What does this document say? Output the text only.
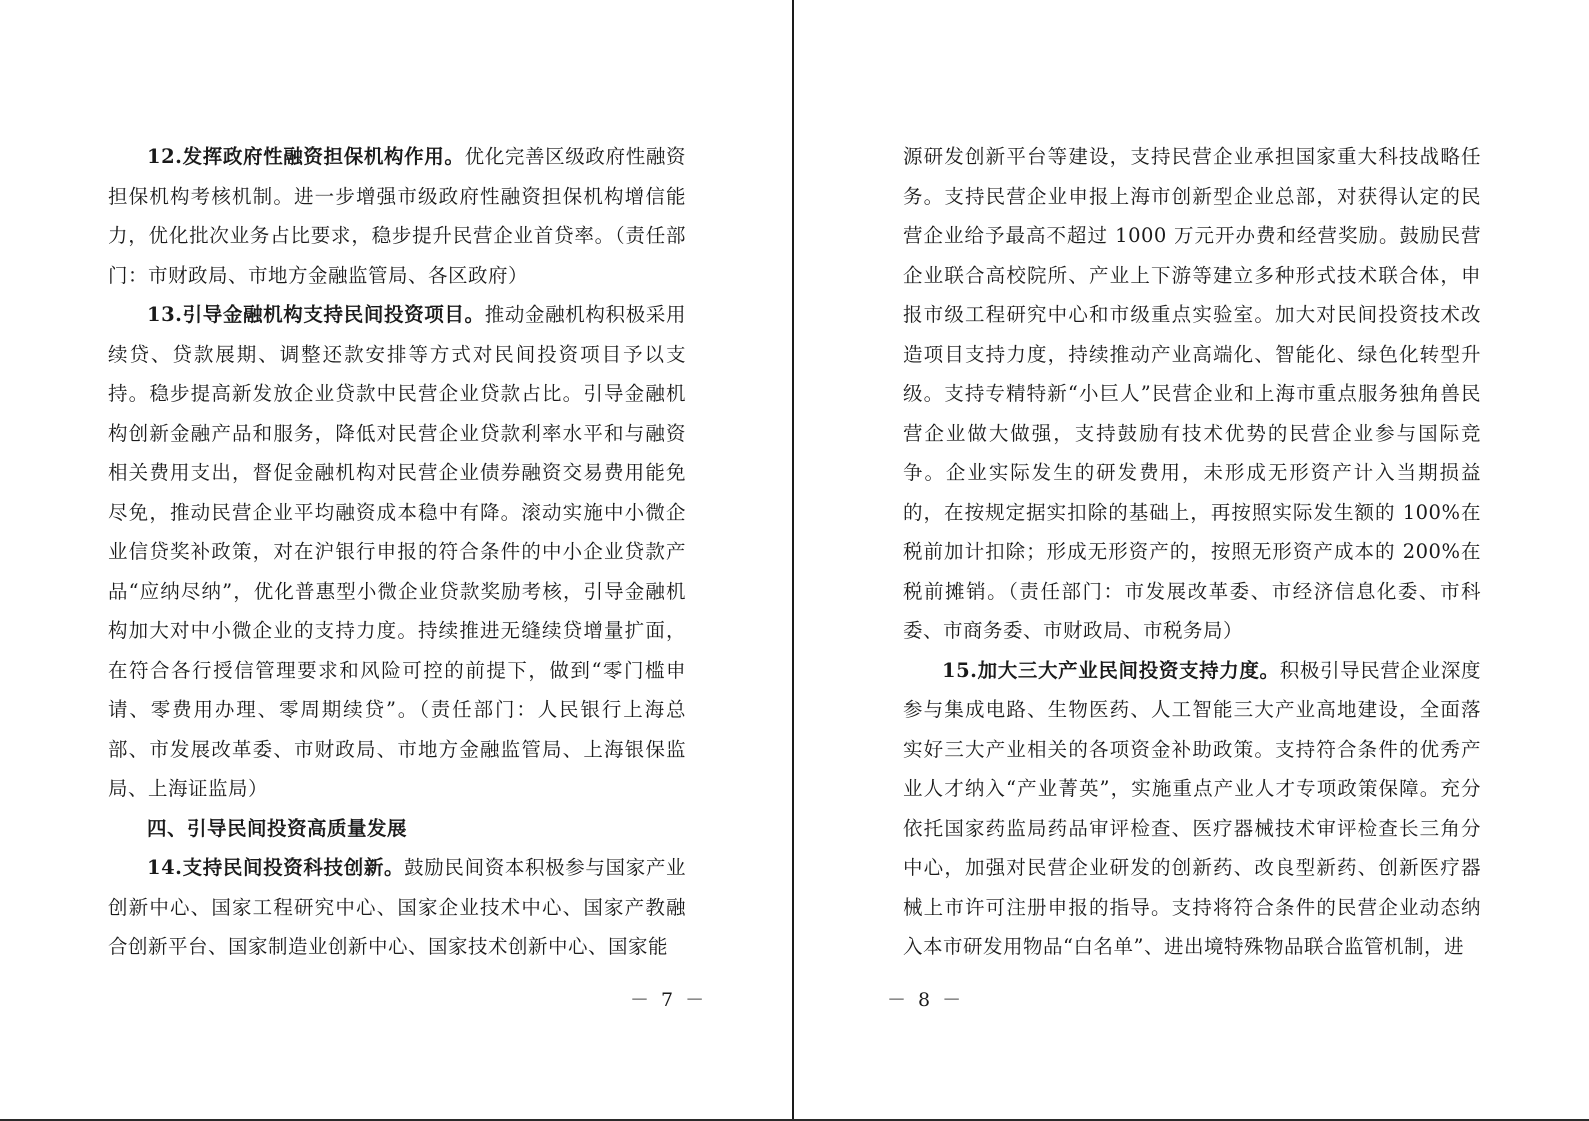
12.发挥政府性融资担保机构作用。优化完善区级政府性融资担保机构考核机制。进一步增强市级政府性融资担保机构增信能力，优化批次业务占比要求，稳步提升民营企业首贷率。（责任部门：市财政局、市地方金融监管局、各区政府）

13.引导金融机构支持民间投资项目。推动金融机构积极采用续贷、贷款展期、调整还款安排等方式对民间投资项目予以支持。稳步提高新发放企业贷款中民营企业贷款占比。引导金融机构创新金融产品和服务，降低对民营企业贷款利率水平和与融资相关费用支出，督促金融机构对民营企业债券融资交易费用能免尽免，推动民营企业平均融资成本稳中有降。滚动实施中小微企业信贷奖补政策，对在沪银行申报的符合条件的中小企业贷款产品“应纳尽纳”，优化普惠型小微企业贷款奖励考核，引导金融机构加大对中小微企业的支持力度。持续推进无缝续贷增量扩面，在符合各行授信管理要求和风险可控的前提下，做到“零门槛申请、零费用办理、零周期续贷”。（责任部门：人民银行上海总部、市发展改革委、市财政局、市地方金融监管局、上海银保监局、上海证监局）

四、引导民间投资高质量发展

14.支持民间投资科技创新。鼓励民间资本积极参与国家产业创新中心、国家工程研究中心、国家企业技术中心、国家产教融合创新平台、国家制造业创新中心、国家技术创新中心、国家能

－ 7 －

源研发创新平台等建设，支持民营企业承担国家重大科技战略任务。支持民营企业申报上海市创新型企业总部，对获得认定的民营企业给予最高不超过 1000 万元开办费和经营奖励。鼓励民营企业联合高校院所、产业上下游等建立多种形式技术联合体，申报市级工程研究中心和市级重点实验室。加大对民间投资技术改造项目支持力度，持续推动产业高端化、智能化、绿色化转型升级。支持专精特新“小巨人”民营企业和上海市重点服务独角兽民营企业做大做强，支持鼓励有技术优势的民营企业参与国际竞争。企业实际发生的研发费用，未形成无形资产计入当期损益的，在按规定据实扣除的基础上，再按照实际发生额的 100%在税前加计扣除；形成无形资产的，按照无形资产成本的 200%在税前摊销。（责任部门：市发展改革委、市经济信息化委、市科委、市商务委、市财政局、市税务局）

15.加大三大产业民间投资支持力度。积极引导民营企业深度参与集成电路、生物医药、人工智能三大产业高地建设，全面落实好三大产业相关的各项资金补助政策。支持符合条件的优秀产业人才纳入“产业菁英”，实施重点产业人才专项政策保障。充分依托国家药监局药品审评检查、医疗器械技术审评检查长三角分中心，加强对民营企业研发的创新药、改良型新药、创新医疗器械上市许可注册申报的指导。支持将符合条件的民营企业动态纳入本市研发用物品“白名单”、进出境特殊物品联合监管机制，进

－ 8 －
